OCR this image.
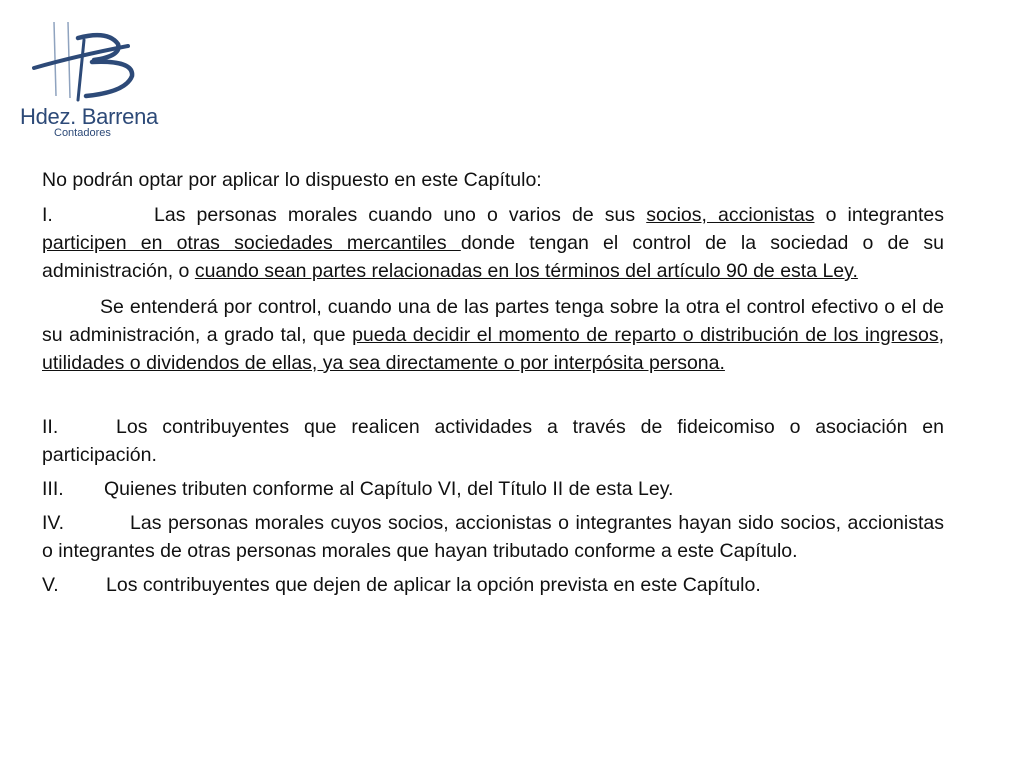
Hdez. Barrena
Contadores

No podrán optar por aplicar lo dispuesto en este Capítulo:

I.	Las personas morales cuando uno o varios de sus socios, accionistas o integrantes participen en otras sociedades mercantiles donde tengan el control de la sociedad o de su administración, o cuando sean partes relacionadas en los términos del artículo 90 de esta Ley.

Se entenderá por control, cuando una de las partes tenga sobre la otra el control efectivo o el de su administración, a grado tal, que pueda decidir el momento de reparto o distribución de los ingresos, utilidades o dividendos de ellas, ya sea directamente o por interpósita persona.

II.	Los contribuyentes que realicen actividades a través de fideicomiso o asociación en participación.

III. Quienes tributen conforme al Capítulo VI, del Título II de esta Ley.

IV.	Las personas morales cuyos socios, accionistas o integrantes hayan sido socios, accionistas o integrantes de otras personas morales que hayan tributado conforme a este Capítulo.

V. Los contribuyentes que dejen de aplicar la opción prevista en este Capítulo.
